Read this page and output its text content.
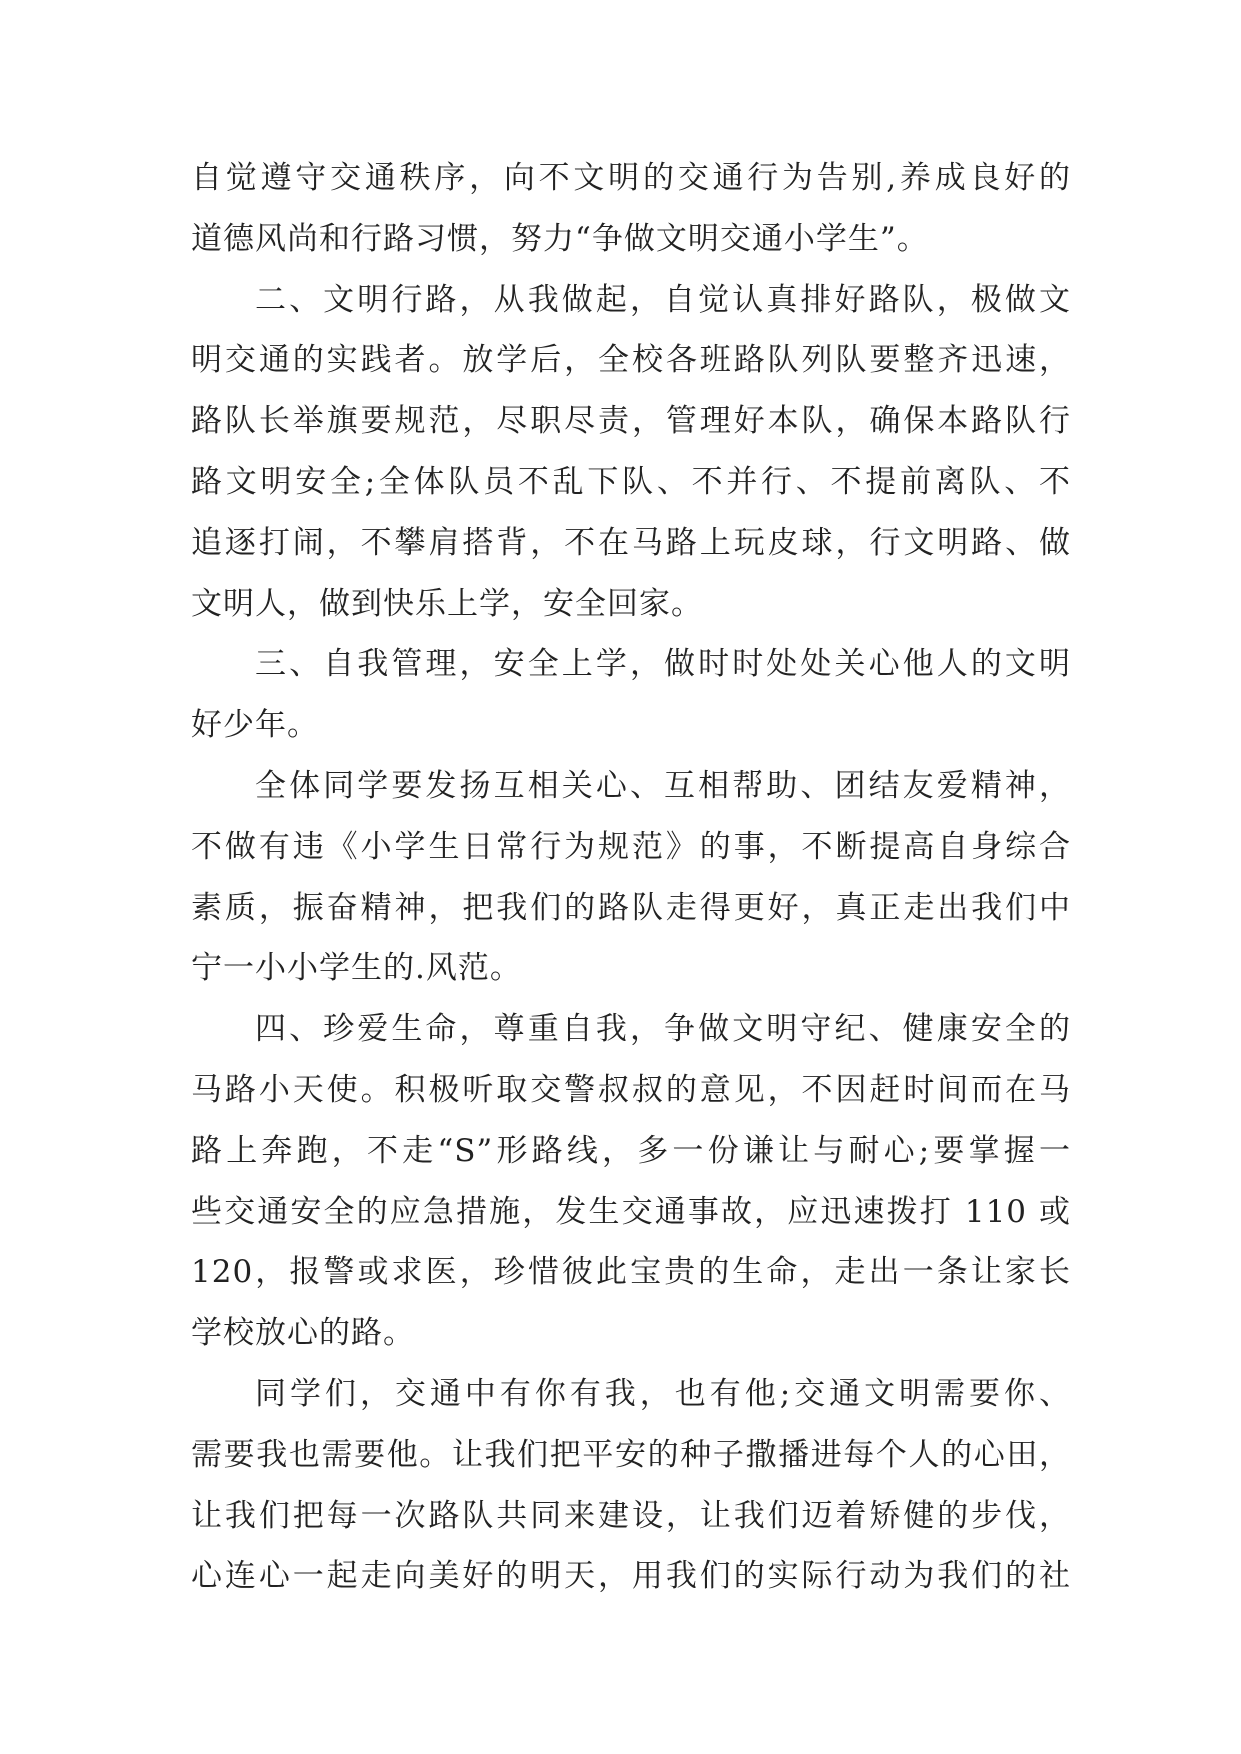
自觉遵守交通秩序，向不文明的交通行为告别,养成良好的
道德风尚和行路习惯，努力“争做文明交通小学生”。
二、文明行路，从我做起，自觉认真排好路队，极做文
明交通的实践者。放学后，全校各班路队列队要整齐迅速，
路队长举旗要规范，尽职尽责，管理好本队，确保本路队行
路文明安全;全体队员不乱下队、不并行、不提前离队、不
追逐打闹，不攀肩搭背，不在马路上玩皮球，行文明路、做
文明人，做到快乐上学，安全回家。
三、自我管理，安全上学，做时时处处关心他人的文明
好少年。
全体同学要发扬互相关心、互相帮助、团结友爱精神，
不做有违《小学生日常行为规范》的事，不断提高自身综合
素质，振奋精神，把我们的路队走得更好，真正走出我们中
宁一小小学生的.风范。
四、珍爱生命，尊重自我，争做文明守纪、健康安全的
马路小天使。积极听取交警叔叔的意见，不因赶时间而在马
路上奔跑，不走“S”形路线，多一份谦让与耐心;要掌握一
些交通安全的应急措施，发生交通事故，应迅速拨打 110 或
120，报警或求医，珍惜彼此宝贵的生命，走出一条让家长
学校放心的路。
同学们，交通中有你有我，也有他;交通文明需要你、
需要我也需要他。让我们把平安的种子撒播进每个人的心田，
让我们把每一次路队共同来建设，让我们迈着矫健的步伐，
心连心一起走向美好的明天，用我们的实际行动为我们的社
